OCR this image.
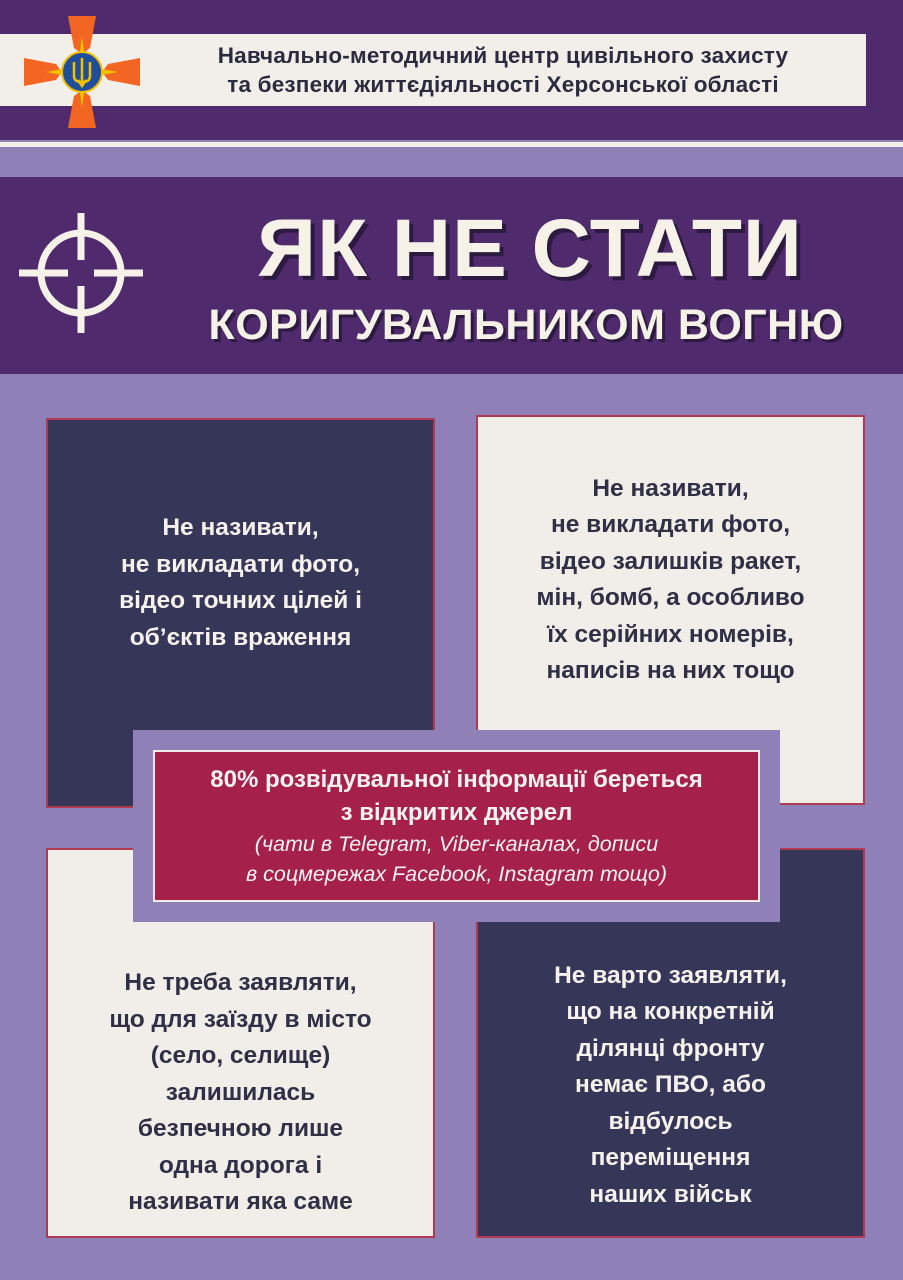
Навчально-методичний центр цивільного захисту
та безпеки життєдіяльності Херсонської області
ЯК НЕ СТАТИ
КОРИГУВАЛЬНИКОМ ВОГНЮ
Не називати,
не викладати фото,
відео точних цілей і
об’єктів враження
Не називати,
не викладати фото,
відео залишків ракет,
мін, бомб, а особливо
їх серійних номерів,
написів на них тощо
Не треба заявляти,
що для заїзду в місто
(село, селище)
залишилась
безпечною лише
одна дорога і
називати яка саме
Не варто заявляти,
що на конкретній
ділянці фронту
немає ПВО, або
відбулось
переміщення
наших військ
80% розвідувальної інформації береться
з відкритих джерел
(чати в Telegram, Viber-каналах, дописи
в соцмережах Facebook, Instagram тощо)
